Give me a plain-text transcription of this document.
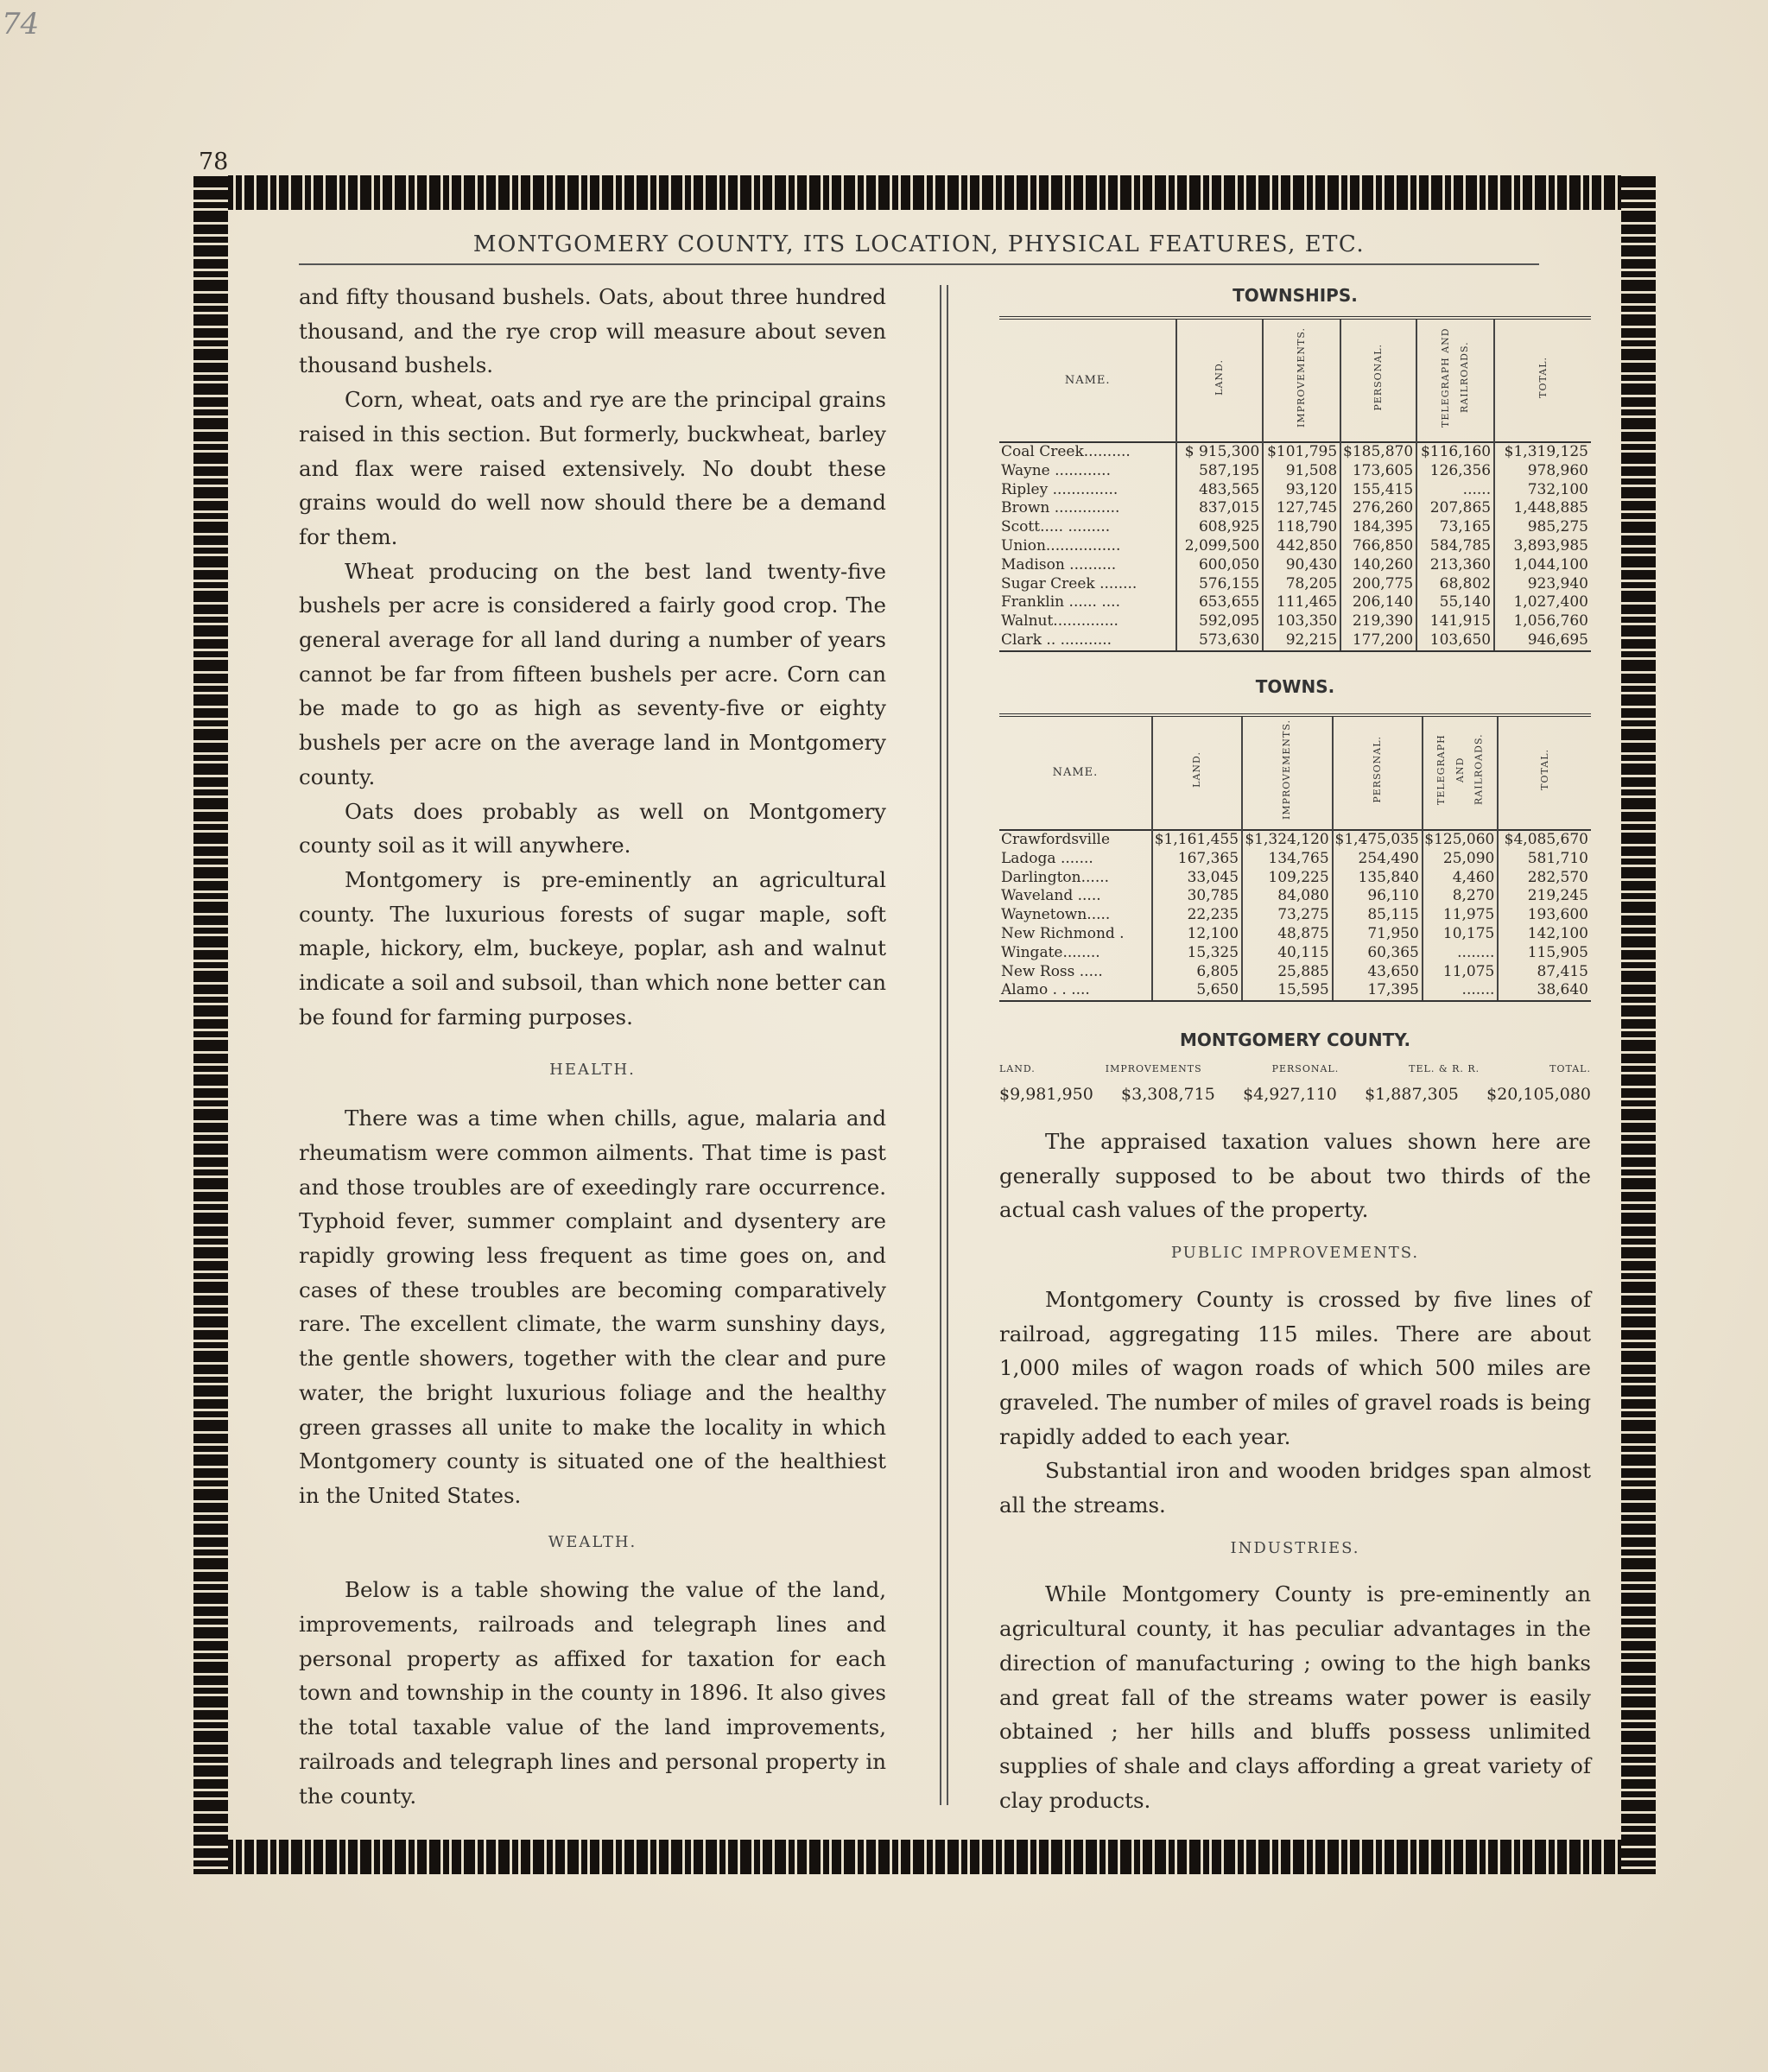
74
78
MONTGOMERY COUNTY, ITS LOCATION, PHYSICAL FEATURES, ETC.

and fifty thousand bushels. Oats, about three hundred thousand, and the rye crop will measure about seven thousand bushels.

Corn, wheat, oats and rye are the principal grains raised in this section. But formerly, buckwheat, barley and flax were raised extensively. No doubt these grains would do well now should there be a demand for them.

Wheat producing on the best land twenty-five bushels per acre is considered a fairly good crop. The general average for all land during a number of years cannot be far from fifteen bushels per acre. Corn can be made to go as high as seventy-five or eighty bushels per acre on the average land in Montgomery county.

Oats does probably as well on Montgomery county soil as it will anywhere.

Montgomery is pre-eminently an agricultural county. The luxurious forests of sugar maple, soft maple, hickory, elm, buckeye, poplar, ash and walnut indicate a soil and subsoil, than which none better can be found for farming purposes.

HEALTH.

There was a time when chills, ague, malaria and rheumatism were common ailments. That time is past and those troubles are of exeedingly rare occurrence. Typhoid fever, summer complaint and dysentery are rapidly growing less frequent as time goes on, and cases of these troubles are becoming comparatively rare. The excellent climate, the warm sunshiny days, the gentle showers, together with the clear and pure water, the bright luxurious foliage and the healthy green grasses all unite to make the locality in which Montgomery county is situated one of the healthiest in the United States.

WEALTH.

Below is a table showing the value of the land, improvements, railroads and telegraph lines and personal property as affixed for taxation for each town and township in the county in 1896. It also gives the total taxable value of the land improvements, railroads and telegraph lines and personal property in the county.

TOWNSHIPS.
NAME.	LAND.	IMPROVEMENTS.	PERSONAL.	TELEGRAPH AND RAILROADS.	TOTAL.
Coal Creek..........	$ 915,300	$101,795	$185,870	$116,160	$1,319,125
Wayne ............	587,195	91,508	173,605	126,356	978,960
Ripley ..............	483,565	93,120	155,415	......	732,100
Brown ..............	837,015	127,745	276,260	207,865	1,448,885
Scott..... .........	608,925	118,790	184,395	73,165	985,275
Union................	2,099,500	442,850	766,850	584,785	3,893,985
Madison ..........	600,050	90,430	140,260	213,360	1,044,100
Sugar Creek ........	576,155	78,205	200,775	68,802	923,940
Franklin ...... ....	653,655	111,465	206,140	55,140	1,027,400
Walnut..............	592,095	103,350	219,390	141,915	1,056,760
Clark .. ...........	573,630	92,215	177,200	103,650	946,695
TOWNS.
NAME.	LAND.	IMPROVEMENTS.	PERSONAL.	TELEGRAPH AND RAILROADS.	TOTAL.
Crawfordsville	$1,161,455	$1,324,120	$1,475,035	$125,060	$4,085,670
Ladoga .......	167,365	134,765	254,490	25,090	581,710
Darlington......	33,045	109,225	135,840	4,460	282,570
Waveland .....	30,785	84,080	96,110	8,270	219,245
Waynetown.....	22,235	73,275	85,115	11,975	193,600
New Richmond .	12,100	48,875	71,950	10,175	142,100
Wingate........	15,325	40,115	60,365	........	115,905
New Ross .....	6,805	25,885	43,650	11,075	87,415
Alamo . . ....	5,650	15,595	17,395	.......	38,640
MONTGOMERY COUNTY.
LAND.	IMPROVEMENTS	PERSONAL.	TEL. & R. R.	TOTAL.
$9,981,950 $3,308,715 $4,927,110 $1,887,305 $20,105,080

The appraised taxation values shown here are generally supposed to be about two thirds of the actual cash values of the property.

PUBLIC IMPROVEMENTS.

Montgomery County is crossed by five lines of railroad, aggregating 115 miles. There are about 1,000 miles of wagon roads of which 500 miles are graveled. The number of miles of gravel roads is being rapidly added to each year.

Substantial iron and wooden bridges span almost all the streams.

INDUSTRIES.

While Montgomery County is pre-eminently an agricultural county, it has peculiar advantages in the direction of manufacturing ; owing to the high banks and great fall of the streams water power is easily obtained ; her hills and bluffs possess unlimited supplies of shale and clays affording a great variety of clay products.
